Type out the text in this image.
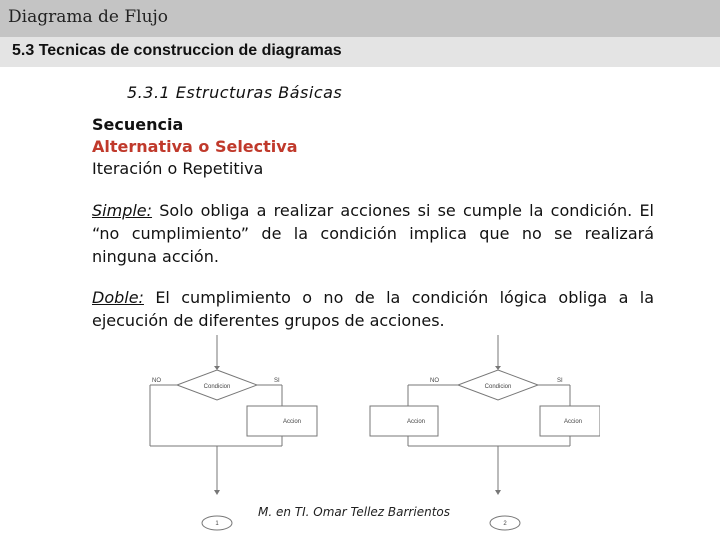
Diagrama de Flujo
5.3 Tecnicas de construccion de diagramas
5.3.1 Estructuras Básicas
Secuencia
Alternativa o Selectiva
Iteración o Repetitiva
Simple: Solo obliga a realizar acciones si se cumple la condición. El “no cumplimiento” de la condición implica que no se realizará ninguna acción.
Doble: El cumplimiento o no de la condición lógica obliga a la ejecución de diferentes grupos de acciones.
NO	SI
Condicion
Accion
1
NO	SI
Condicion
Accion	Accion
2
M. en TI. Omar Tellez Barrientos
